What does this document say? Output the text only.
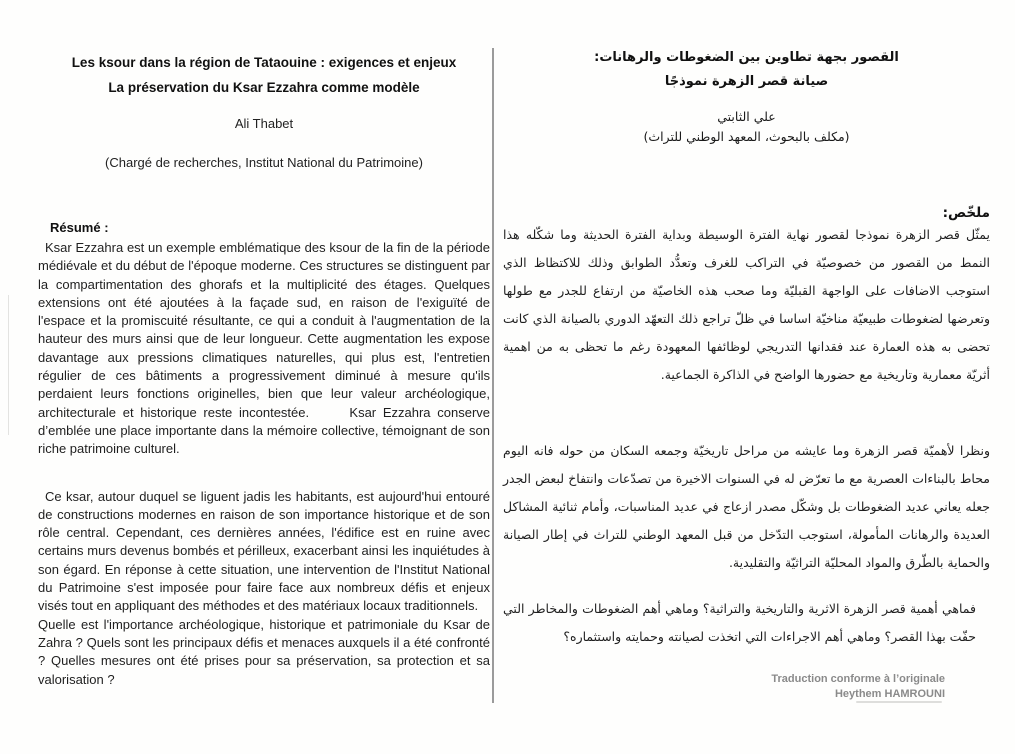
Les ksour dans la région de Tataouine : exigences et enjeux
La préservation du Ksar Ezzahra comme modèle
Ali Thabet
(Chargé de recherches, Institut National du Patrimoine)
Résumé :

Ksar Ezzahra est un exemple emblématique des ksour de la fin de la période médiévale et du début de l'époque moderne. Ces structures se distinguent par la compartimentation des ghorafs et la multiplicité des étages. Quelques extensions ont été ajoutées à la façade sud, en raison de l'exiguïté de l'espace et la promiscuité résultante, ce qui a conduit à l'augmentation de la hauteur des murs ainsi que de leur longueur. Cette augmentation les expose davantage aux pressions climatiques naturelles, qui plus est, l'entretien régulier de ces bâtiments a progressivement diminué à mesure qu'ils perdaient leurs fonctions originelles, bien que leur valeur archéologique, architecturale et historique reste incontestée.      Ksar Ezzahra conserve d’emblée une place importante dans la mémoire collective, témoignant de son riche patrimoine culturel.

Ce ksar, autour duquel se liguent jadis les habitants, est aujourd'hui entouré de constructions modernes en raison de son importance historique et de son rôle central. Cependant, ces dernières années, l'édifice est en ruine avec certains murs devenus bombés et périlleux, exacerbant ainsi les inquiétudes à son égard. En réponse à cette situation, une intervention de l'Institut National du Patrimoine s'est imposée pour faire face aux nombreux défis et enjeux visés tout en appliquant des méthodes et des matériaux locaux traditionnels.

Quelle est l'importance archéologique, historique et patrimoniale du Ksar de Zahra ? Quels sont les principaux défis et menaces auxquels il a été confronté ? Quelles mesures ont été prises pour sa préservation, sa protection et sa valorisation ?

القصور بجهة تطاوين بين الضغوطات والرهانات:
صيانة قصر الزهرة نموذجًا
علي الثابتي
(مكلف بالبحوث، المعهد الوطني للتراث)
ملخّص:

يمثّل قصر الزهرة نموذجا لقصور نهاية الفترة الوسيطة وبداية الفترة الحديثة وما شكّله هذا النمط من القصور من خصوصيّة في التراكب للغرف وتعدُّد الطوابق وذلك للاكتظاظ الذي استوجب الاضافات على الواجهة القبليّة وما صحب هذه الخاصيّة من ارتفاع للجدر مع طولها وتعرضها لضغوطات طبيعيّة مناخيّة اساسا في ظلّ تراجع ذلك التعهّد الدوري بالصيانة الذي كانت تحضى به هذه العمارة عند فقدانها التدريجي لوظائفها المعهودة رغم ما تحظى به من اهمية أثريّة معمارية وتاريخية مع حضورها الواضح في الذاكرة الجماعية.

ونظرا لأهميّة قصر الزهرة وما عايشه من مراحل تاريخيّة وجمعه السكان من حوله فانه اليوم محاط بالبناءات العصرية مع ما تعرّض له في السنوات الاخيرة من تصدّعات وانتفاخ لبعض الجدر جعله يعاني عديد الضغوطات بل وشكّل مصدر ازعاج في عديد المناسبات، وأمام ثنائية المشاكل العديدة والرهانات المأمولة، استوجب التدّخل من قبل المعهد الوطني للتراث في إطار الصيانة والحماية بالطّرق والمواد المحليّة التراثيّة والتقليدية.

فماهي أهمية قصر الزهرة الاثرية والتاريخية والتراثية؟ وماهي أهم الضغوطات والمخاطر التي حفّت بهذا القصر؟ وماهي أهم الاجراءات التي اتخذت لصيانته وحمايته واستثماره؟

Traduction conforme à l’originale
Heythem HAMROUNI
